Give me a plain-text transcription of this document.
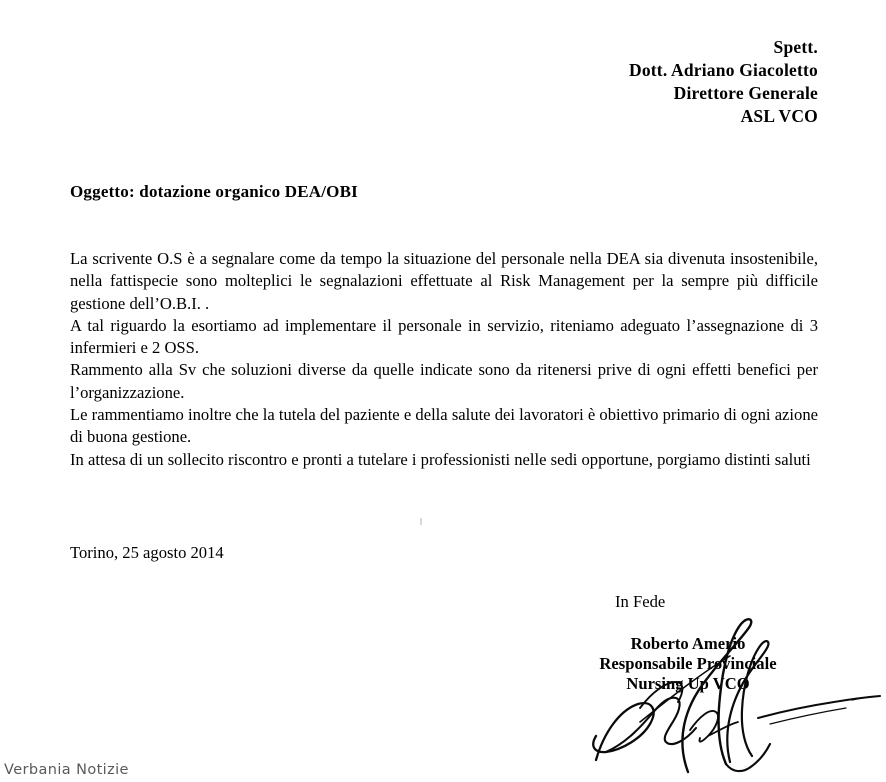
Spett.
Dott. Adriano Giacoletto
Direttore Generale
ASL VCO
Oggetto: dotazione organico DEA/OBI

La scrivente O.S è a segnalare come da tempo la situazione del personale nella DEA sia divenuta insostenibile, nella fattispecie sono molteplici le segnalazioni effettuate al Risk Management per la sempre più difficile gestione dell’O.B.I. .

A tal riguardo la esortiamo ad implementare il personale in servizio, riteniamo adeguato l’assegnazione di 3 infermieri e 2 OSS.

Rammento alla Sv che soluzioni diverse da quelle indicate sono da ritenersi prive di ogni effetti benefici per l’organizzazione.

Le rammentiamo inoltre che la tutela del paziente e della salute dei lavoratori è obiettivo primario di ogni azione di buona gestione.

In attesa di un sollecito riscontro e pronti a tutelare i professionisti nelle sedi opportune, porgiamo distinti saluti

Torino, 25 agosto 2014
In Fede
Roberto Amerio
Responsabile Provinciale
Nursing Up VCO
Verbania Notizie
